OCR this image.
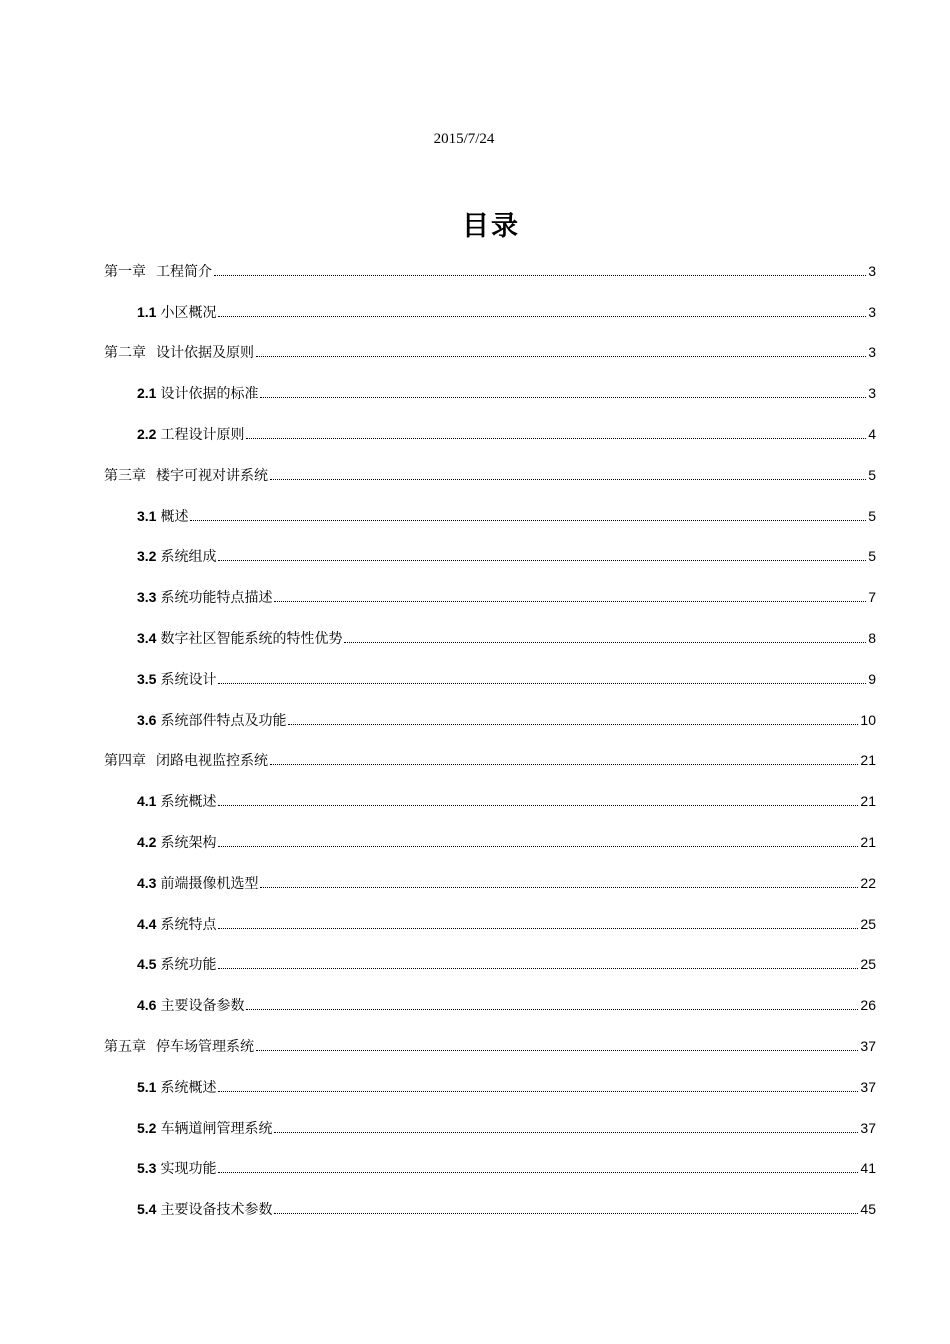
2015/7/24
目录
第一章 工程简介	3
1.1 小区概况	3
第二章 设计依据及原则	3
2.1 设计依据的标准	3
2.2 工程设计原则	4
第三章 楼宇可视对讲系统	5
3.1 概述	5
3.2 系统组成	5
3.3 系统功能特点描述	7
3.4 数字社区智能系统的特性优势	8
3.5 系统设计	9
3.6 系统部件特点及功能	10
第四章 闭路电视监控系统	21
4.1 系统概述	21
4.2 系统架构	21
4.3 前端摄像机选型	22
4.4 系统特点	25
4.5 系统功能	25
4.6 主要设备参数	26
第五章 停车场管理系统	37
5.1 系统概述	37
5.2 车辆道闸管理系统	37
5.3 实现功能	41
5.4 主要设备技术参数	45
